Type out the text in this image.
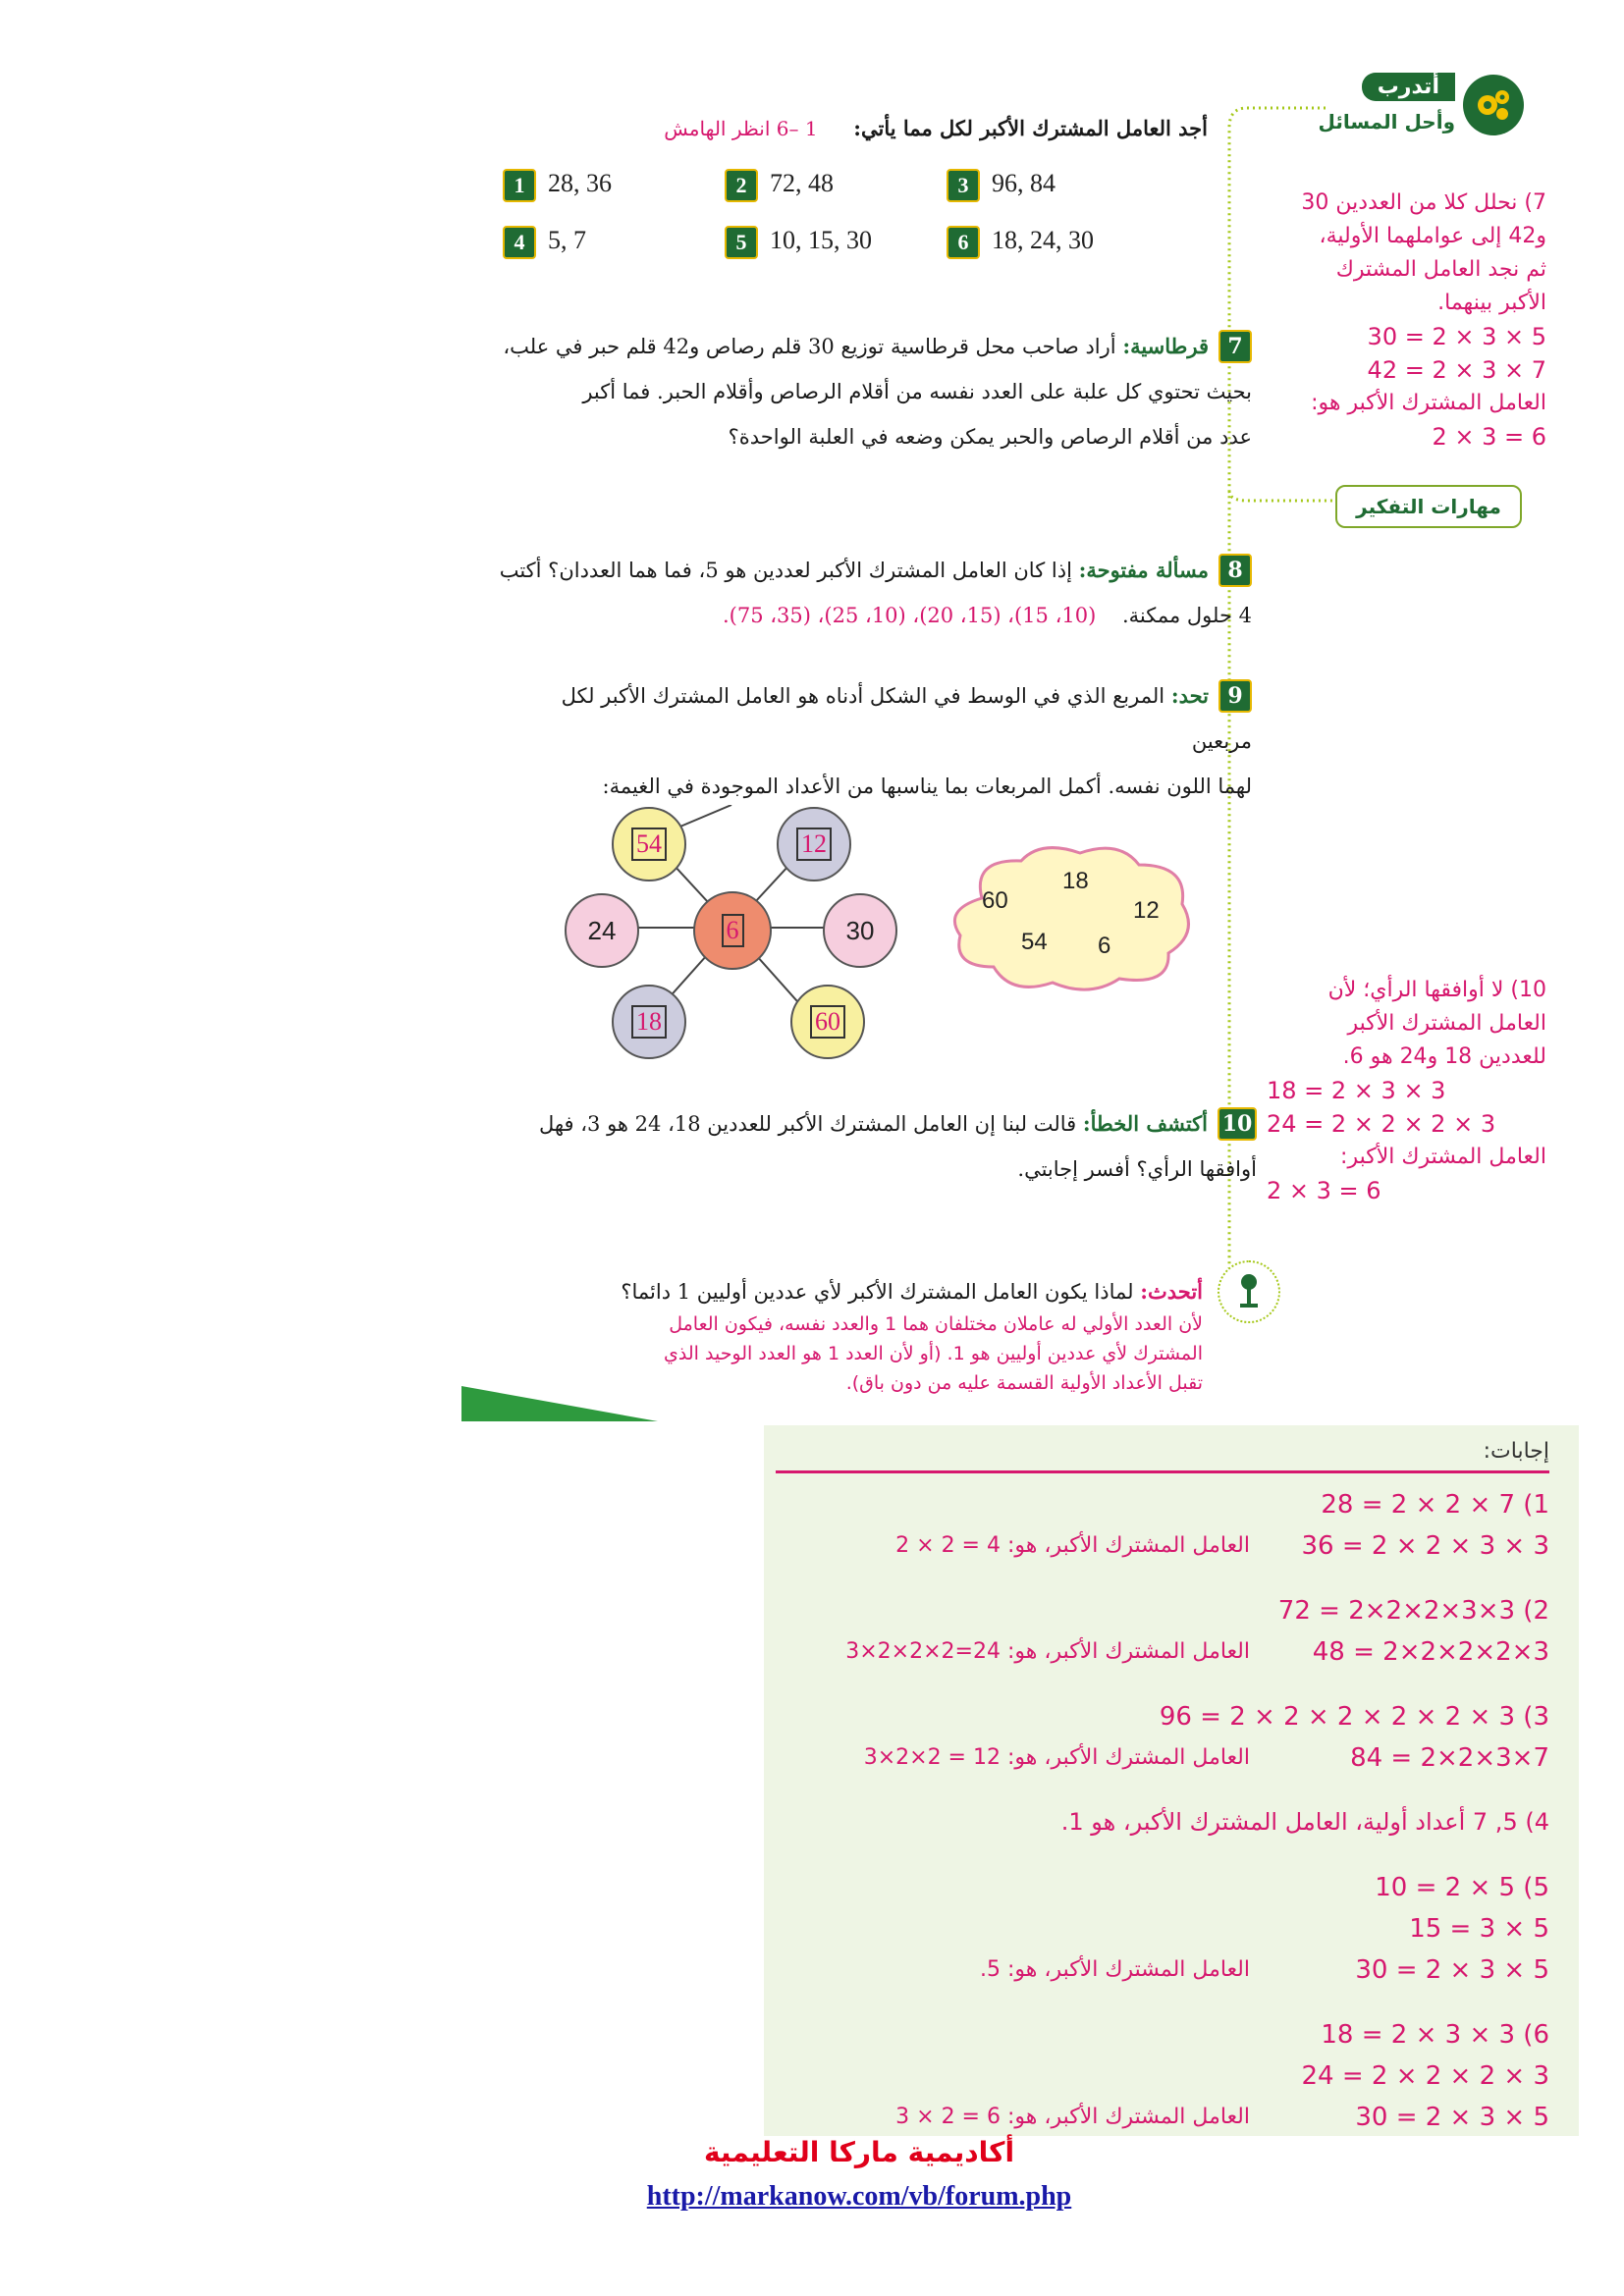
أتدرب
وأحل المسائل
أجد العامل المشترك الأكبر لكل مما يأتي: 1 –6 انظر الهامش
1 28, 36	2 72, 48	3 96, 84
4 5, 7	5 10, 15, 30	6 18, 24, 30
7قرطاسية: أراد صاحب محل قرطاسية توزيع 30 قلم رصاص و42 قلم حبر في علب،
بحيث تحتوي كل علبة على العدد نفسه من أقلام الرصاص وأقلام الحبر. فما أكبر
عدد من أقلام الرصاص والحبر يمكن وضعه في العلبة الواحدة؟
مهارات التفكير
8مسألة مفتوحة: إذا كان العامل المشترك الأكبر لعددين هو 5، فما هما العددان؟ أكتب
4 حلول ممكنة. (10، 15)، (15، 20)، (10، 25)، (35، 75).
9تحد: المربع الذي في الوسط في الشكل أدناه هو العامل المشترك الأكبر لكل مربعين
لهما اللون نفسه. أكمل المربعات بما يناسبها من الأعداد الموجودة في الغيمة:
54	12
24	6	30
18	60
60
18
12
54 6
10أكتشف الخطأ: قالت لبنا إن العامل المشترك الأكبر للعددين 18، 24 هو 3، فهل
أوافقها الرأي؟ أفسر إجابتي.
أتحدث: لماذا يكون العامل المشترك الأكبر لأي عددين أوليين 1 دائما؟
لأن العدد الأولي له عاملان مختلفان هما 1 والعدد نفسه، فيكون العامل
المشترك لأي عددين أوليين هو 1. (أو لأن العدد 1 هو العدد الوحيد الذي
تقبل الأعداد الأولية القسمة عليه من دون باق).
7) نحلل كلا من العددين 30
و42 إلى عواملهما الأولية،
ثم نجد العامل المشترك
الأكبر بينهما.
30 = 2 × 3 × 5
42 = 2 × 3 × 7
العامل المشترك الأكبر هو:
2 × 3 = 6
10) لا أوافقها الرأي؛ لأن
العامل المشترك الأكبر
للعددين 18 و24 هو 6.
18 = 2 × 3 × 3
24 = 2 × 2 × 2 × 3
العامل المشترك الأكبر:
2 × 3 = 6
إجابات:
28 = 2 × 2 × 7 (1
36 = 2 × 2 × 3 × 3
العامل المشترك الأكبر، هو: 4 = 2 × 2
72 = 2×2×2×3×3 (2
48 = 2×2×2×2×3
العامل المشترك الأكبر، هو: 24=2×2×2×3
96 = 2 × 2 × 2 × 2 × 2 × 3 (3
84 = 2×2×3×7
العامل المشترك الأكبر، هو: 12 = 2×2×3
4) 5, 7 أعداد أولية، العامل المشترك الأكبر، هو 1.
10 = 2 × 5 (5
15 = 3 × 5
30 = 2 × 3 × 5
العامل المشترك الأكبر، هو: 5.
18 = 2 × 3 × 3 (6
24 = 2 × 2 × 2 × 3
30 = 2 × 3 × 5
العامل المشترك الأكبر، هو: 6 = 2 × 3
أكاديمية ماركا التعليمية
http://markanow.com/vb/forum.php
